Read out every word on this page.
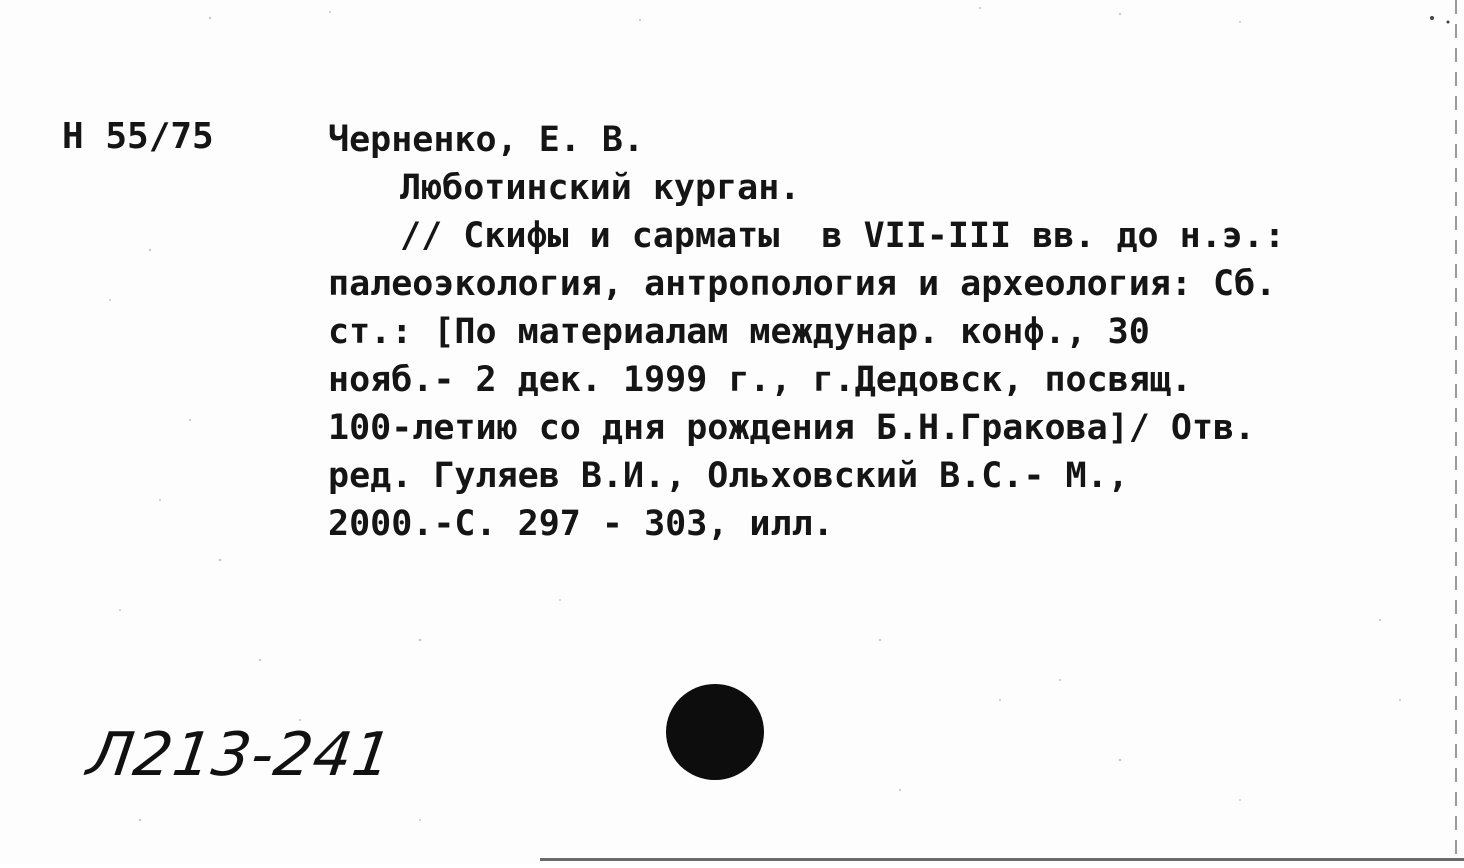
Н 55/75	Черненко, Е. В.
Люботинский курган.
// Скифы и сарматы  в VII-III вв. до н.э.:
палеоэкология, антропология и археология: Сб.
ст.: [По материалам междунар. конф., 30
нояб.- 2 дек. 1999 г., г.Дедовск, посвящ.
100-летию со дня рождения Б.Н.Гракова]/ Отв.
ред. Гуляев В.И., Ольховский В.С.- М.,
2000.-С. 297 - 303, илл.
Л213-241
